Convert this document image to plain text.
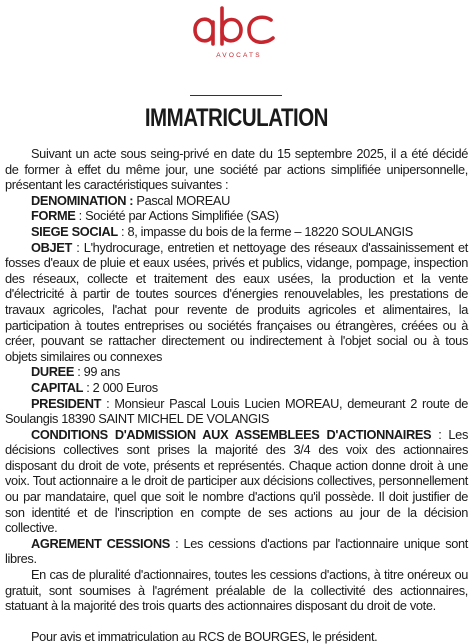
AVOCATS
IMMATRICULATION

Suivant un acte sous seing-privé en date du 15 septembre 2025, il a été décidé de former à effet du même jour, une société par actions simplifiée unipersonnelle, présentant les caractéristiques suivantes :

DENOMINATION : Pascal MOREAU

FORME : Société par Actions Simplifiée (SAS)

SIEGE SOCIAL : 8, impasse du bois de la ferme – 18220 SOULANGIS

OBJET : L'hydrocurage, entretien et nettoyage des réseaux d'assainissement et fosses d'eaux de pluie et eaux usées, privés et publics, vidange, pompage, inspection des réseaux, collecte et traitement des eaux usées, la production et la vente d'électricité à partir de toutes sources d'énergies renouvelables, les prestations de travaux agricoles, l'achat pour revente de produits agricoles et alimentaires, la participation à toutes entreprises ou sociétés françaises ou étrangères, créées ou à créer, pouvant se rattacher directement ou indirectement à l'objet social ou à tous objets similaires ou connexes

DUREE : 99 ans

CAPITAL : 2 000 Euros

PRESIDENT : Monsieur Pascal Louis Lucien MOREAU, demeurant 2 route de Soulangis 18390 SAINT MICHEL DE VOLANGIS

CONDITIONS D'ADMISSION AUX ASSEMBLEES D'ACTIONNAIRES : Les décisions collectives sont prises la majorité des 3/4 des voix des actionnaires disposant du droit de vote, présents et représentés. Chaque action donne droit à une voix. Tout actionnaire a le droit de participer aux décisions collectives, personnellement ou par mandataire, quel que soit le nombre d'actions qu'il possède. Il doit justifier de son identité et de l'inscription en compte de ses actions au jour de la décision collective.

AGREMENT CESSIONS : Les cessions d'actions par l'actionnaire unique sont libres.

En cas de pluralité d'actionnaires, toutes les cessions d'actions, à titre onéreux ou gratuit, sont soumises à l'agrément préalable de la collectivité des actionnaires, statuant à la majorité des trois quarts des actionnaires disposant du droit de vote.

Pour avis et immatriculation au RCS de BOURGES, le président.
